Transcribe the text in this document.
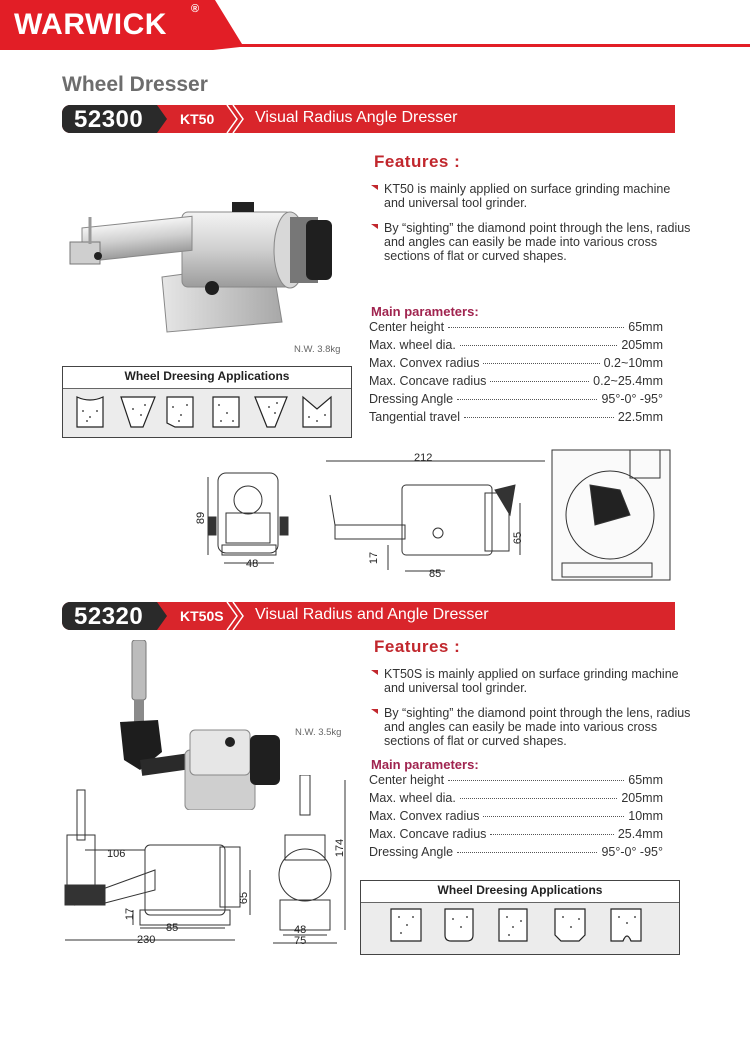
WARWICK ®
Wheel Dresser
52300	KT50	Visual Radius Angle Dresser
N.W. 3.8kg
Features :
KT50 is mainly applied on surface grinding machine and universal tool grinder.
By “sighting” the diamond point through the lens, radius and angles can easily be made into various cross sections of flat or curved shapes.
Main parameters:
Center height	65mm
Max. wheel dia.	205mm
Max. Convex radius	0.2~10mm
Max. Concave radius	0.2~25.4mm
Dressing Angle	95°-0° -95°
Tangential travel	22.5mm
Wheel Dreesing Applications
89
48
212
65
17
85
52320	KT50S Visual Radius and Angle Dresser
N.W. 3.5kg
Features :
KT50S is mainly applied on surface grinding machine and universal tool grinder.
By “sighting” the diamond point through the lens, radius and angles can easily be made into various cross sections of flat or curved shapes.
Main parameters:
Center height	65mm
Max. wheel dia.	205mm
Max. Convex radius	10mm
Max. Concave radius	25.4mm
Dressing Angle	95°-0° -95°
106
65
17
85
230
174
48
75
Wheel Dreesing Applications
